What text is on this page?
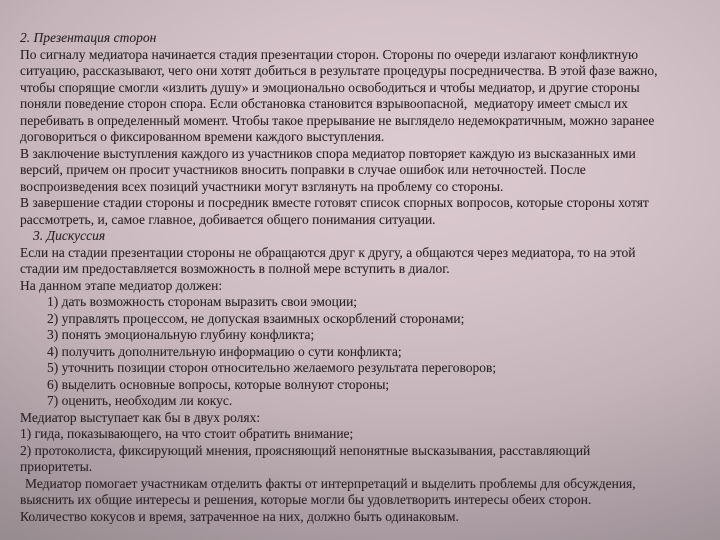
2. Презентация сторон
По сигналу медиатора начинается стадия презентации сторон. Стороны по очереди излагают конфликтную
ситуацию, рассказывают, чего они хотят добиться в результате процедуры посредничества. В этой фазе важно,
чтобы спорящие смогли «излить душу» и эмоционально освободиться и чтобы медиатор, и другие стороны
поняли поведение сторон спора. Если обстановка становится взрывоопасной,  медиатору имеет смысл их
перебивать в определенный момент. Чтобы такое прерывание не выглядело недемократичным, можно заранее
договориться о фиксированном времени каждого выступления.
В заключение выступления каждого из участников спора медиатор повторяет каждую из высказанных ими
версий, причем он просит участников вносить поправки в случае ошибок или неточностей. После
воспроизведения всех позиций участники могут взглянуть на проблему со стороны.
В завершение стадии стороны и посредник вместе готовят список спорных вопросов, которые стороны хотят
рассмотреть, и, самое главное, добивается общего понимания ситуации.
3. Дискуссия
Если на стадии презентации стороны не обращаются друг к другу, а общаются через медиатора, то на этой
стадии им предоставляется возможность в полной мере вступить в диалог.
На данном этапе медиатор должен:
1) дать возможность сторонам выразить свои эмоции;
2) управлять процессом, не допуская взаимных оскорблений сторонами;
3) понять эмоциональную глубину конфликта;
4) получить дополнительную информацию о сути конфликта;
5) уточнить позиции сторон относительно желаемого результата переговоров;
6) выделить основные вопросы, которые волнуют стороны;
7) оценить, необходим ли кокус.
Медиатор выступает как бы в двух ролях:
1) гида, показывающего, на что стоит обратить внимание;
2) протоколиста, фиксирующий мнения, проясняющий непонятные высказывания, расставляющий
приоритеты.
Медиатор помогает участникам отделить факты от интерпретаций и выделить проблемы для обсуждения,
выяснить их общие интересы и решения, которые могли бы удовлетворить интересы обеих сторон.
Количество кокусов и время, затраченное на них, должно быть одинаковым.
